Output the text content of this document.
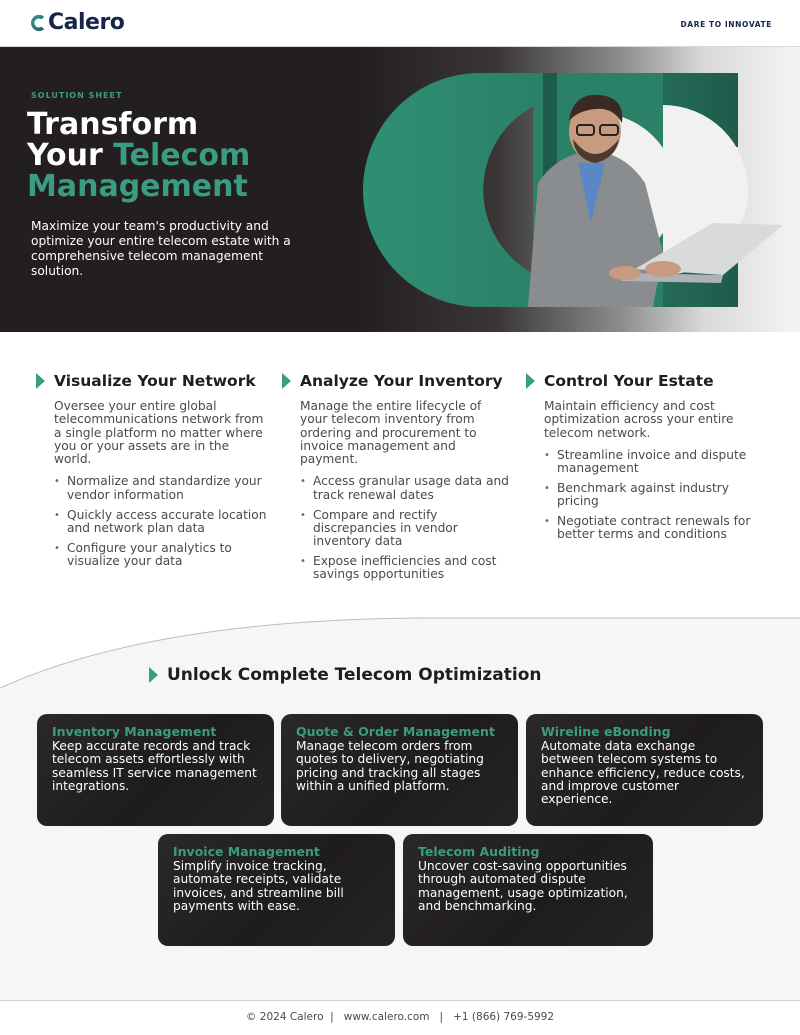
Calero	DARE TO INNOVATE
SOLUTION SHEET
Transform
Your Telecom
Management
Maximize your team's productivity and optimize your entire telecom estate with a comprehensive telecom management solution.
Visualize Your Network
Oversee your entire global telecommunications network from a single platform no matter where you or your assets are in the world.
• Normalize and standardize your vendor information
• Quickly access accurate location and network plan data
• Configure your analytics to visualize your data
Analyze Your Inventory
Manage the entire lifecycle of your telecom inventory from ordering and procurement to invoice management and payment.
• Access granular usage data and track renewal dates
• Compare and rectify discrepancies in vendor inventory data
• Expose inefficiencies and cost savings opportunities
Control Your Estate
Maintain efficiency and cost optimization across your entire telecom network.
• Streamline invoice and dispute management
• Benchmark against industry pricing
• Negotiate contract renewals for better terms and conditions
Unlock Complete Telecom Optimization
Inventory Management
Keep accurate records and track telecom assets effortlessly with seamless IT service management integrations.
Quote & Order Management
Manage telecom orders from quotes to delivery, negotiating pricing and tracking all stages within a unified platform.
Wireline eBonding
Automate data exchange between telecom systems to enhance efficiency, reduce costs, and improve customer experience.
Invoice Management
Simplify invoice tracking, automate receipts, validate invoices, and streamline bill payments with ease.
Telecom Auditing
Uncover cost-saving opportunities through automated dispute management, usage optimization, and benchmarking.
© 2024 Calero  |   www.calero.com   |   +1 (866) 769-5992
